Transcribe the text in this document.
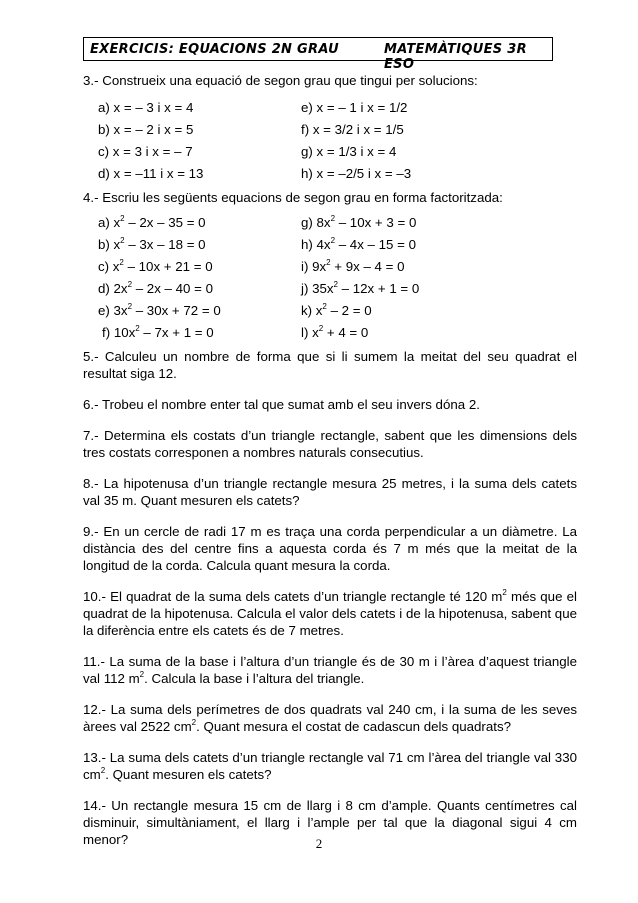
EXERCICIS: EQUACIONS 2N GRAU	MATEMÀTIQUES 3R ESO

3.- Construeix una equació de segon grau que tingui per solucions:

a) x = – 3 i x = 4	e) x = – 1 i x = 1/2
b) x = – 2 i x = 5	f) x = 3/2 i x = 1/5
c) x = 3 i x = – 7	g) x = 1/3 i x = 4
d) x = –11 i x = 13	h) x = –2/5 i x = –3

4.- Escriu les següents equacions de segon grau en forma factoritzada:

a) $x^2 - 2x - 35 = 0$	g) $8x^2 - 10x + 3 = 0$
b) $x^2 - 3x - 18 = 0$	h) $4x^2 - 4x - 15 = 0$
c) $x^2 - 10x + 21 = 0$	i) $9x^2 + 9x - 4 = 0$
d) $2x^2 - 2x - 40 = 0$	j) $35x^2 - 12x + 1 = 0$
e) $3x^2 - 30x + 72 = 0$	k) $x^2 - 2 = 0$
f) $10x^2 - 7x + 1 = 0$	l) $x^2 + 4 = 0$

5.- Calculeu un nombre de forma que si li sumem la meitat del seu quadrat el resultat siga 12.

6.- Trobeu el nombre enter tal que sumat amb el seu invers dóna 2.

7.- Determina els costats d’un triangle rectangle, sabent que les dimensions dels tres costats corresponen a nombres naturals consecutius.

8.- La hipotenusa d’un triangle rectangle mesura 25 metres, i la suma dels catets val 35 m. Quant mesuren els catets?

9.- En un cercle de radi 17 m es traça una corda perpendicular a un diàmetre. La distància des del centre fins a aquesta corda és 7 m més que la meitat de la longitud de la corda. Calcula quant mesura la corda.

10.- El quadrat de la suma dels catets d’un triangle rectangle té 120 $m^2$ més que el quadrat de la hipotenusa. Calcula el valor dels catets i de la hipotenusa, sabent que la diferència entre els catets és de 7 metres.

11.- La suma de la base i l’altura d’un triangle és de 30 m i l’àrea d’aquest triangle val 112 $m^2$. Calcula la base i l’altura del triangle.

12.- La suma dels perímetres de dos quadrats val 240 cm, i la suma de les seves àrees val 2522 $cm^2$. Quant mesura el costat de cadascun dels quadrats?

13.- La suma dels catets d’un triangle rectangle val 71 cm l’àrea del triangle val 330 $cm^2$. Quant mesuren els catets?

14.- Un rectangle mesura 15 cm de llarg i 8 cm d’ample. Quants centímetres cal disminuir, simultàniament, el llarg i l’ample per tal que la diagonal sigui 4 cm menor?	2
